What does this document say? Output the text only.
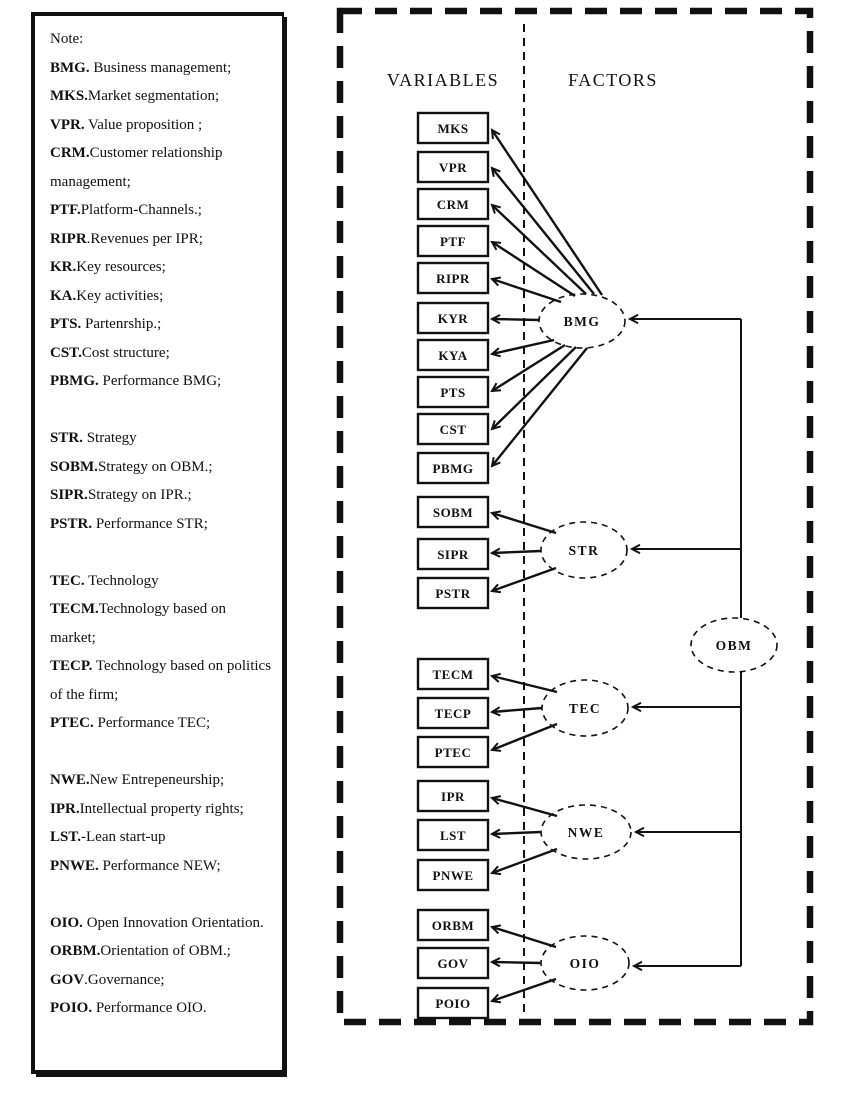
Note:

BMG. Business management;

MKS.Market segmentation;

VPR. Value proposition ;

CRM.Customer relationship management;

PTF.Platform-Channels.;

RIPR.Revenues per IPR;

KR.Key resources;

KA.Key activities;

PTS. Partenrship.;

CST.Cost structure;

PBMG. Performance BMG;

STR. Strategy

SOBM.Strategy on OBM.;

SIPR.Strategy on IPR.;

PSTR. Performance STR;

TEC. Technology

TECM.Technology based on market;

TECP. Technology based on politics of the firm;

PTEC. Performance TEC;

NWE.New Entrepeneurship;

IPR.Intellectual property rights;

LST.-Lean start-up

PNWE. Performance NEW;

OIO. Open Innovation Orientation.

ORBM.Orientation of OBM.;

GOV.Governance;

POIO. Performance OIO.

VARIABLES	FACTORS
MKS
VPR
CRM
PTF
RIPR
KYR
KYA
PTS
CST
PBMG
SOBM
SIPR
PSTR
TECM
TECP
PTEC
IPR
LST
PNWE
ORBM
GOV
POIO
BMG
STR
TEC
NWE
OIO
OBM
